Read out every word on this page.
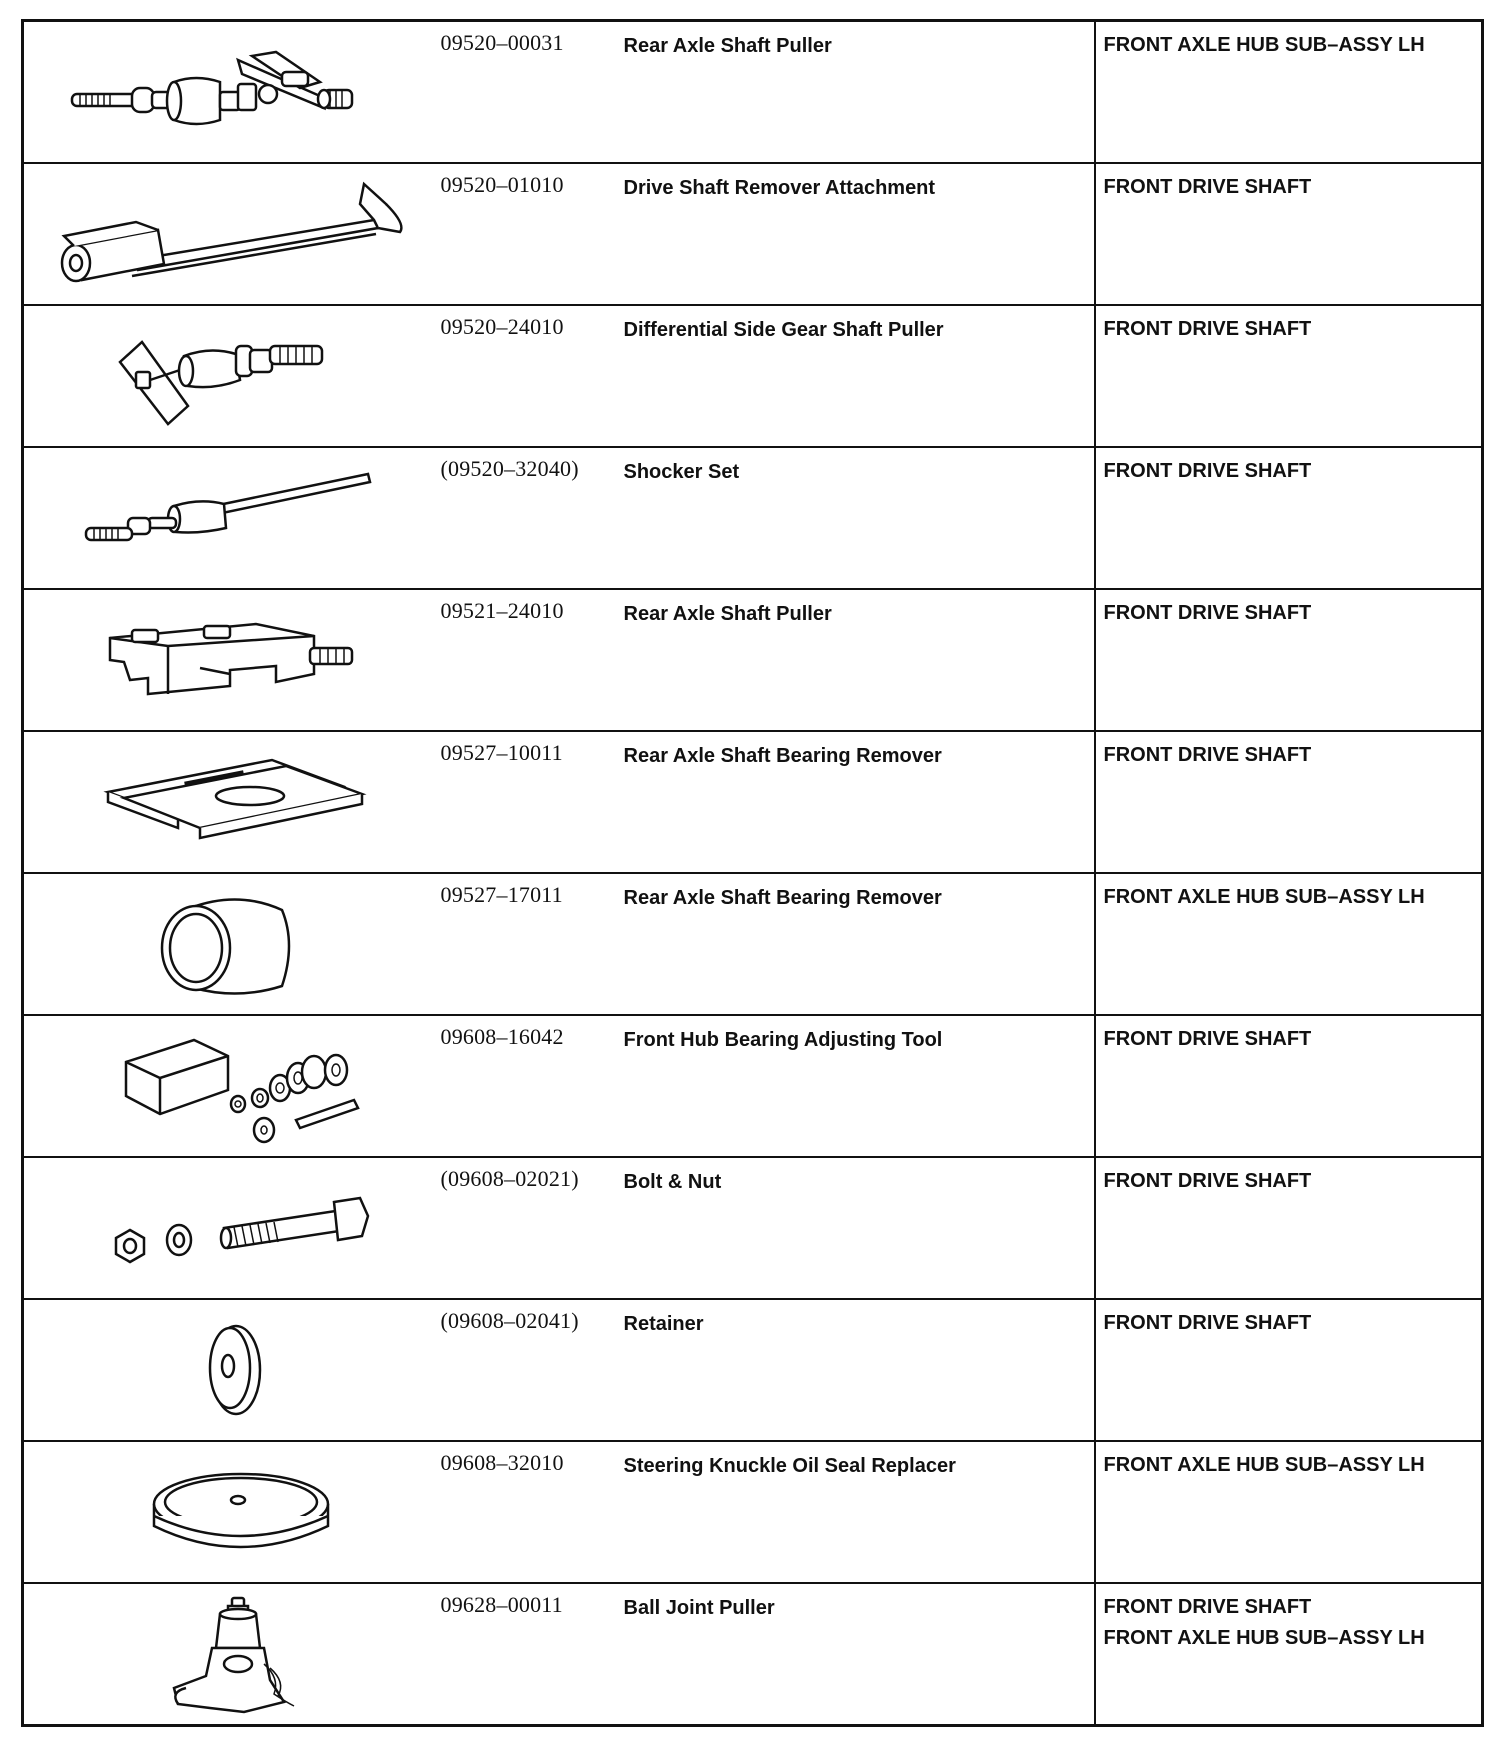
09520–00031	Rear Axle Shaft Puller	FRONT AXLE HUB SUB–ASSY LH

09520–01010	Drive Shaft Remover Attachment	FRONT DRIVE SHAFT

09520–24010	Differential Side Gear Shaft Puller	FRONT DRIVE SHAFT

(09520–32040)	Shocker Set	FRONT DRIVE SHAFT

09521–24010	Rear Axle Shaft Puller	FRONT DRIVE SHAFT

09527–10011	Rear Axle Shaft Bearing Remover	FRONT DRIVE SHAFT

09527–17011	Rear Axle Shaft Bearing Remover	FRONT AXLE HUB SUB–ASSY LH

09608–16042	Front Hub Bearing Adjusting Tool	FRONT DRIVE SHAFT

(09608–02021)	Bolt & Nut	FRONT DRIVE SHAFT

(09608–02041)	Retainer	FRONT DRIVE SHAFT

09608–32010	Steering Knuckle Oil Seal Replacer	FRONT AXLE HUB SUB–ASSY LH

09628–00011	Ball Joint Puller	FRONT DRIVE SHAFT
FRONT AXLE HUB SUB–ASSY LH
